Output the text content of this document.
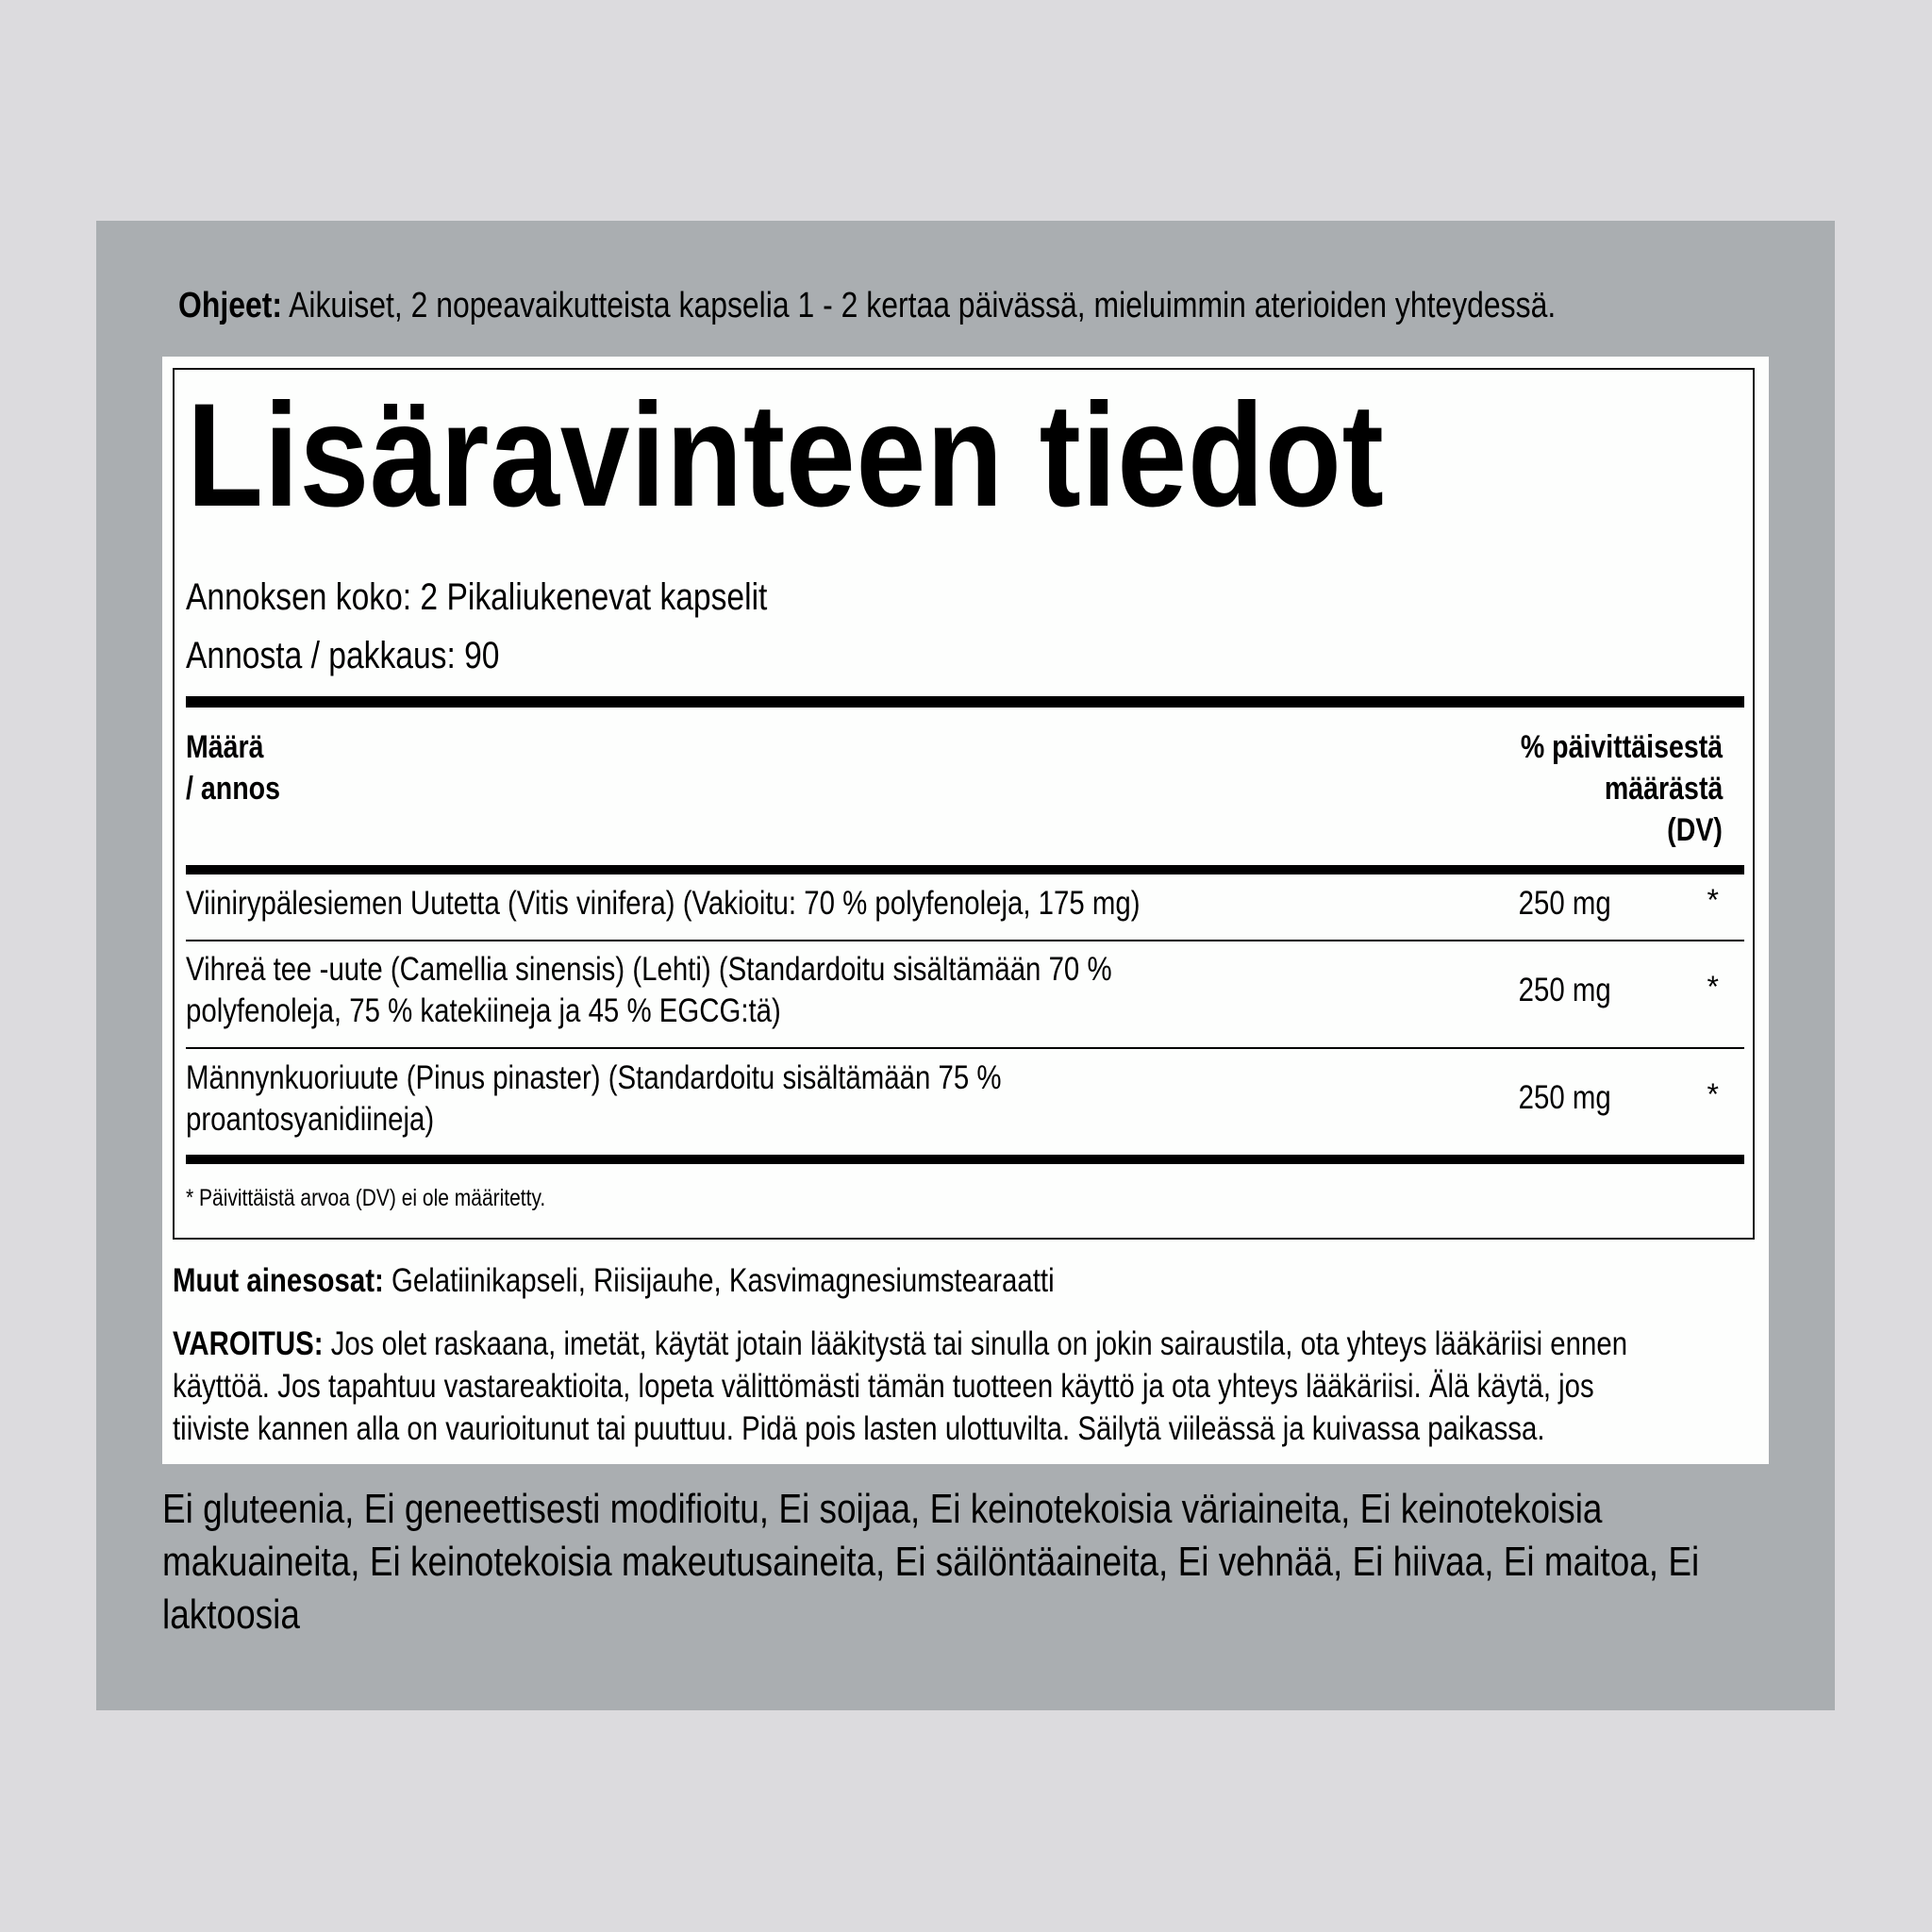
Ohjeet: Aikuiset, 2 nopeavaikutteista kapselia 1 - 2 kertaa päivässä, mieluimmin aterioiden yhteydessä.
Lisäravinteen tiedot
Annoksen koko: 2 Pikaliukenevat kapselit
Annosta / pakkaus: 90
Määrä
/ annos
% päivittäisestä
määrästä
(DV)
Viinirypälesiemen Uutetta (Vitis vinifera) (Vakioitu: 70 % polyfenoleja, 175 mg)	250 mg	*
Vihreä tee -uute (Camellia sinensis) (Lehti) (Standardoitu sisältämään 70 %
polyfenoleja, 75 % katekiineja ja 45 % EGCG:tä)
250 mg	*
Männynkuoriuute (Pinus pinaster) (Standardoitu sisältämään 75 %
proantosyanidiineja)
250 mg	*
* Päivittäistä arvoa (DV) ei ole määritetty.
Muut ainesosat: Gelatiinikapseli, Riisijauhe, Kasvimagnesiumstearaatti
VAROITUS: Jos olet raskaana, imetät, käytät jotain lääkitystä tai sinulla on jokin sairaustila, ota yhteys lääkäriisi ennen
käyttöä. Jos tapahtuu vastareaktioita, lopeta välittömästi tämän tuotteen käyttö ja ota yhteys lääkäriisi. Älä käytä, jos
tiiviste kannen alla on vaurioitunut tai puuttuu. Pidä pois lasten ulottuvilta. Säilytä viileässä ja kuivassa paikassa.
Ei gluteenia, Ei geneettisesti modifioitu, Ei soijaa, Ei keinotekoisia väriaineita, Ei keinotekoisia
makuaineita, Ei keinotekoisia makeutusaineita, Ei säilöntäaineita, Ei vehnää, Ei hiivaa, Ei maitoa, Ei
laktoosia
